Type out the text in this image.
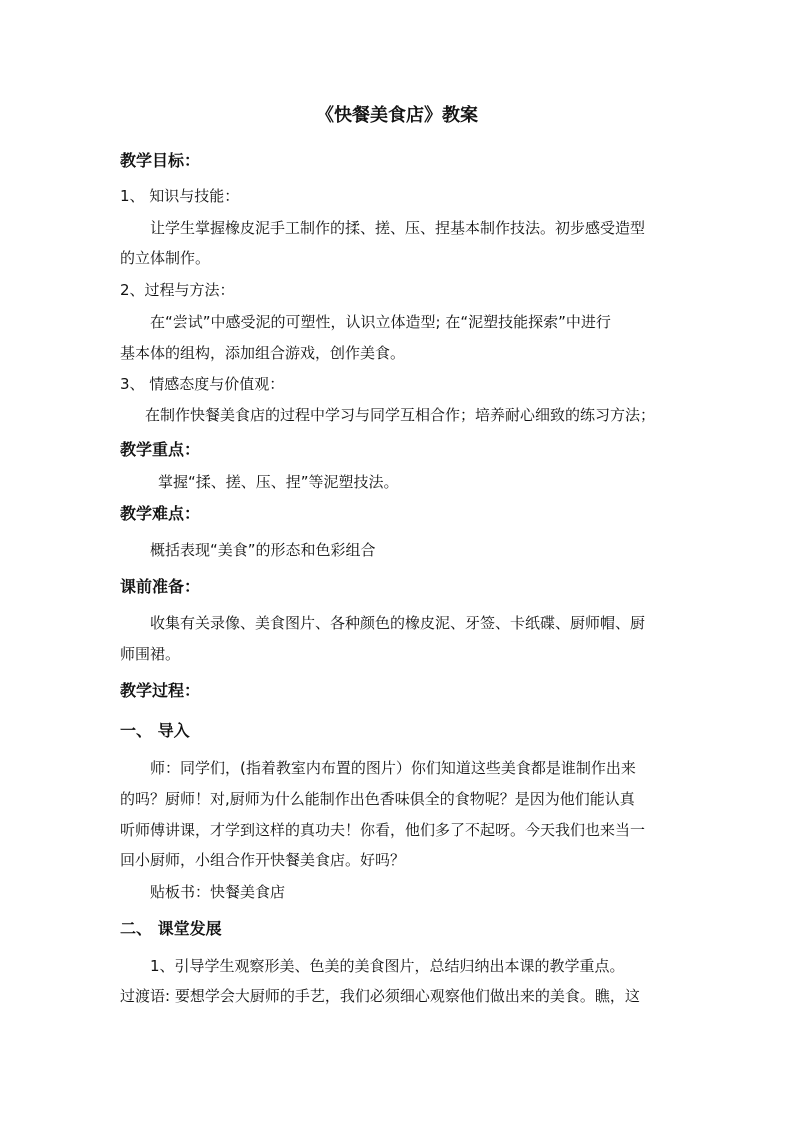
《快餐美食店》教案
教学目标：
1、 知识与技能：
让学生掌握橡皮泥手工制作的揉、搓、压、捏基本制作技法。初步感受造型
的立体制作。
2、过程与方法：
在“尝试”中感受泥的可塑性，认识立体造型; 在“泥塑技能探索”中进行
基本体的组构，添加组合游戏，创作美食。
3、 情感态度与价值观：
在制作快餐美食店的过程中学习与同学互相合作；培养耐心细致的练习方法；
教学重点：
掌握“揉、搓、压、捏”等泥塑技法。
教学难点：
概括表现“美食”的形态和色彩组合
课前准备：
收集有关录像、美食图片、各种颜色的橡皮泥、牙签、卡纸碟、厨师帽、厨
师围裙。
教学过程：
一、 导入
师：同学们，(指着教室内布置的图片）你们知道这些美食都是谁制作出来
的吗？厨师！对,厨师为什么能制作出色香味俱全的食物呢？是因为他们能认真
听师傅讲课，才学到这样的真功夫！你看，他们多了不起呀。今天我们也来当一
回小厨师，小组合作开快餐美食店。好吗？
贴板书：快餐美食店
二、 课堂发展
1、引导学生观察形美、色美的美食图片，总结归纳出本课的教学重点。
过渡语: 要想学会大厨师的手艺，我们必须细心观察他们做出来的美食。瞧，这
